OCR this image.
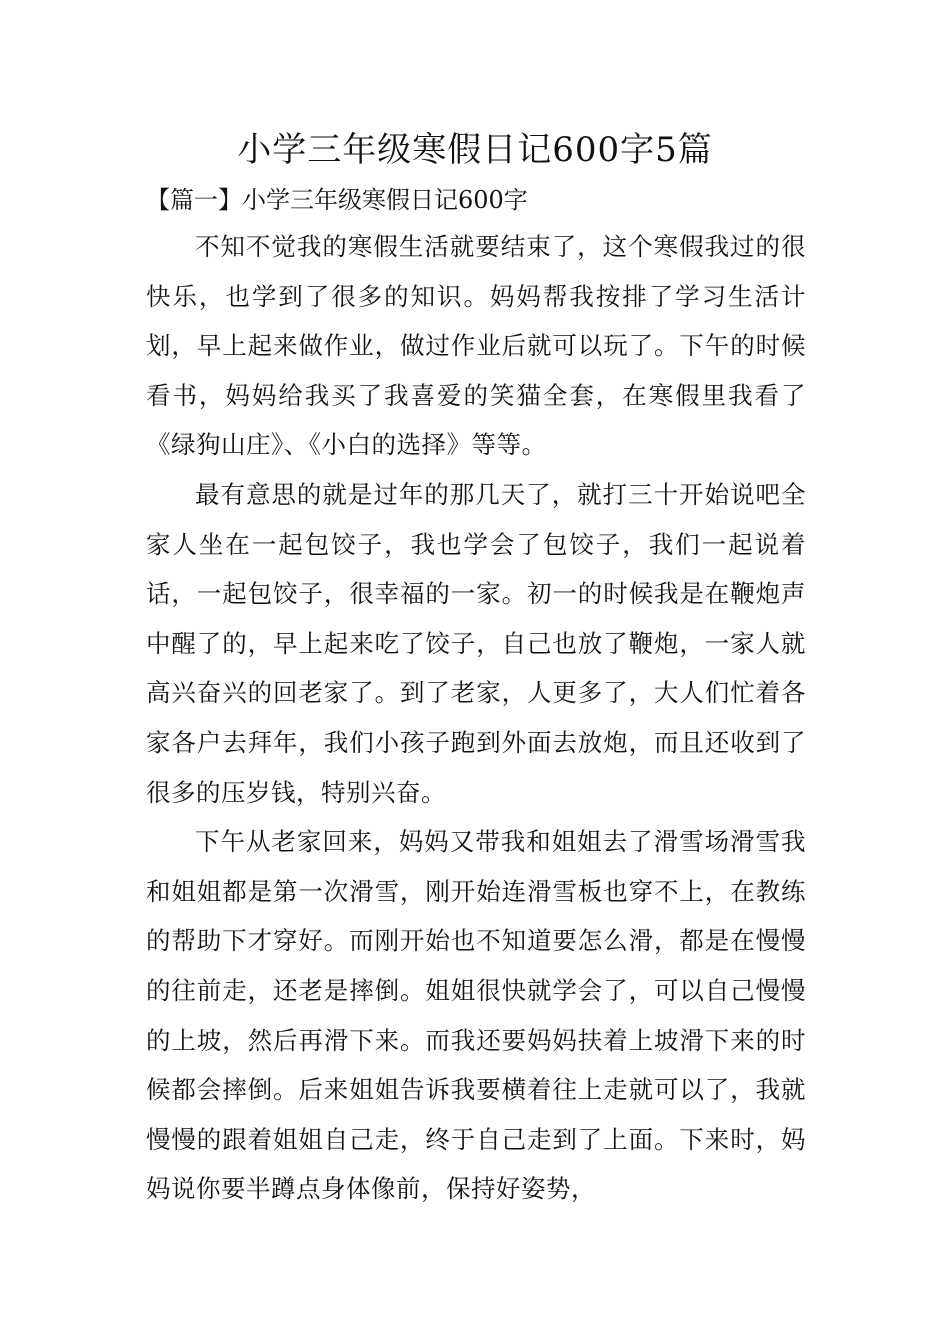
小学三年级寒假日记600字5篇
【篇一】小学三年级寒假日记600字

不知不觉我的寒假生活就要结束了，这个寒假我过的很快乐，也学到了很多的知识。妈妈帮我按排了学习生活计划，早上起来做作业，做过作业后就可以玩了。下午的时候看书，妈妈给我买了我喜爱的笑猫全套，在寒假里我看了《绿狗山庄》、《小白的选择》等等。

最有意思的就是过年的那几天了，就打三十开始说吧全家人坐在一起包饺子，我也学会了包饺子，我们一起说着话，一起包饺子，很幸福的一家。初一的时候我是在鞭炮声中醒了的，早上起来吃了饺子，自己也放了鞭炮，一家人就高兴奋兴的回老家了。到了老家，人更多了，大人们忙着各家各户去拜年，我们小孩子跑到外面去放炮，而且还收到了很多的压岁钱，特别兴奋。

下午从老家回来，妈妈又带我和姐姐去了滑雪场滑雪我和姐姐都是第一次滑雪，刚开始连滑雪板也穿不上，在教练的帮助下才穿好。而刚开始也不知道要怎么滑，都是在慢慢的往前走，还老是摔倒。姐姐很快就学会了，可以自己慢慢的上坡，然后再滑下来。而我还要妈妈扶着上坡滑下来的时候都会摔倒。后来姐姐告诉我要横着往上走就可以了，我就慢慢的跟着姐姐自己走，终于自己走到了上面。下来时，妈妈说你要半蹲点身体像前，保持好姿势，
